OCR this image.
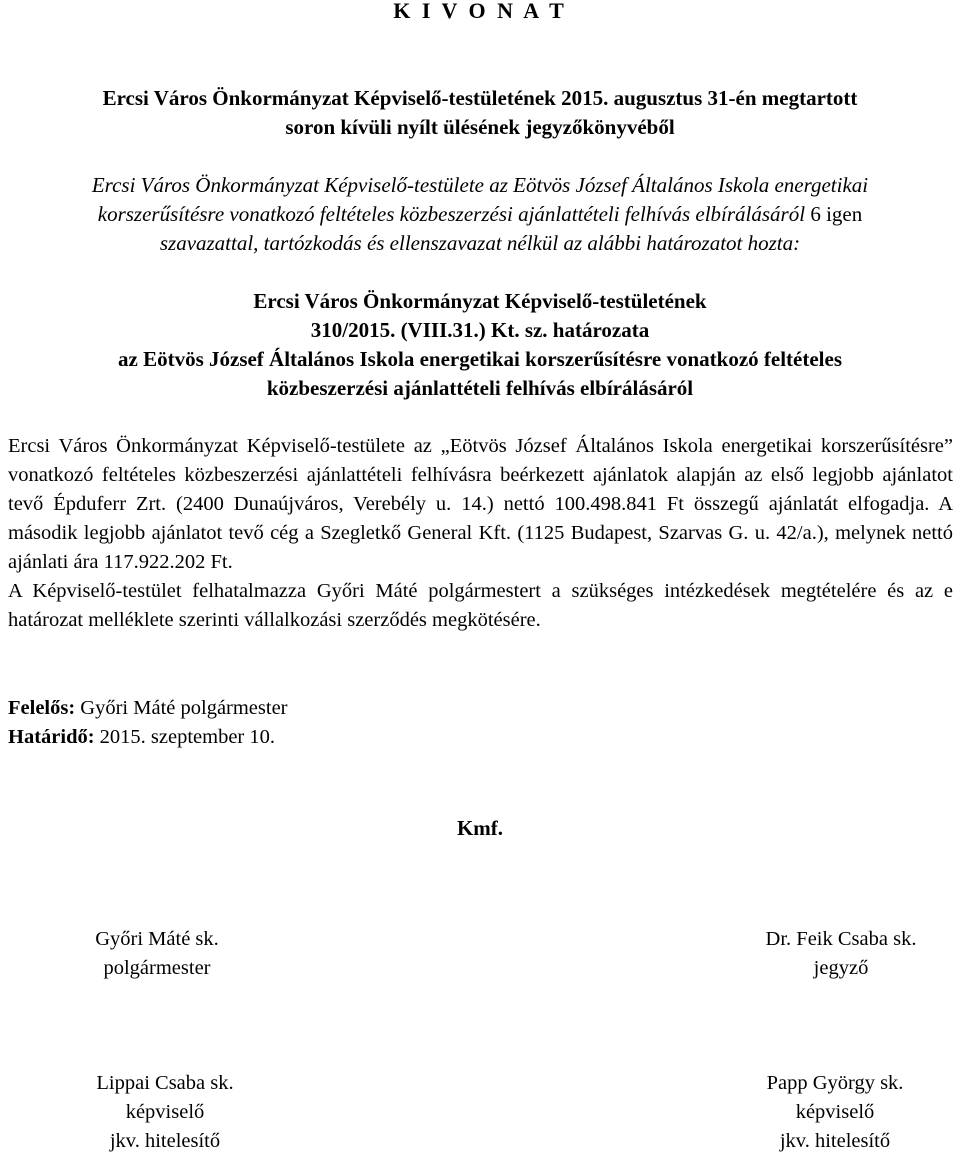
K I V O N A T
Ercsi Város Önkormányzat Képviselő-testületének 2015. augusztus 31-én megtartott
soron kívüli nyílt ülésének jegyzőkönyvéből
Ercsi Város Önkormányzat Képviselő-testülete az Eötvös József Általános Iskola energetikai
korszerűsítésre vonatkozó feltételes közbeszerzési ajánlattételi felhívás elbírálásáról 6 igen
szavazattal, tartózkodás és ellenszavazat nélkül az alábbi határozatot hozta:
Ercsi Város Önkormányzat Képviselő-testületének
310/2015. (VIII.31.) Kt. sz. határozata
az Eötvös József Általános Iskola energetikai korszerűsítésre vonatkozó feltételes
közbeszerzési ajánlattételi felhívás elbírálásáról

Ercsi Város Önkormányzat Képviselő-testülete az „Eötvös József Általános Iskola energetikai korszerűsítésre” vonatkozó feltételes közbeszerzési ajánlattételi felhívásra beérkezett ajánlatok alapján az első legjobb ajánlatot tevő Épduferr Zrt. (2400 Dunaújváros, Verebély u. 14.) nettó 100.498.841 Ft összegű ajánlatát elfogadja. A második legjobb ajánlatot tevő cég a Szegletkő General Kft. (1125 Budapest, Szarvas G. u. 42/a.), melynek nettó ajánlati ára 117.922.202 Ft.

A Képviselő-testület felhatalmazza Győri Máté polgármestert a szükséges intézkedések megtételére és az e határozat melléklete szerinti vállalkozási szerződés megkötésére.

Felelős: Győri Máté polgármester
Határidő: 2015. szeptember 10.
Kmf.
Győri Máté sk.
polgármester
Dr. Feik Csaba sk.
jegyző
Lippai Csaba sk.
képviselő
jkv. hitelesítő
Papp György sk.
képviselő
jkv. hitelesítő
